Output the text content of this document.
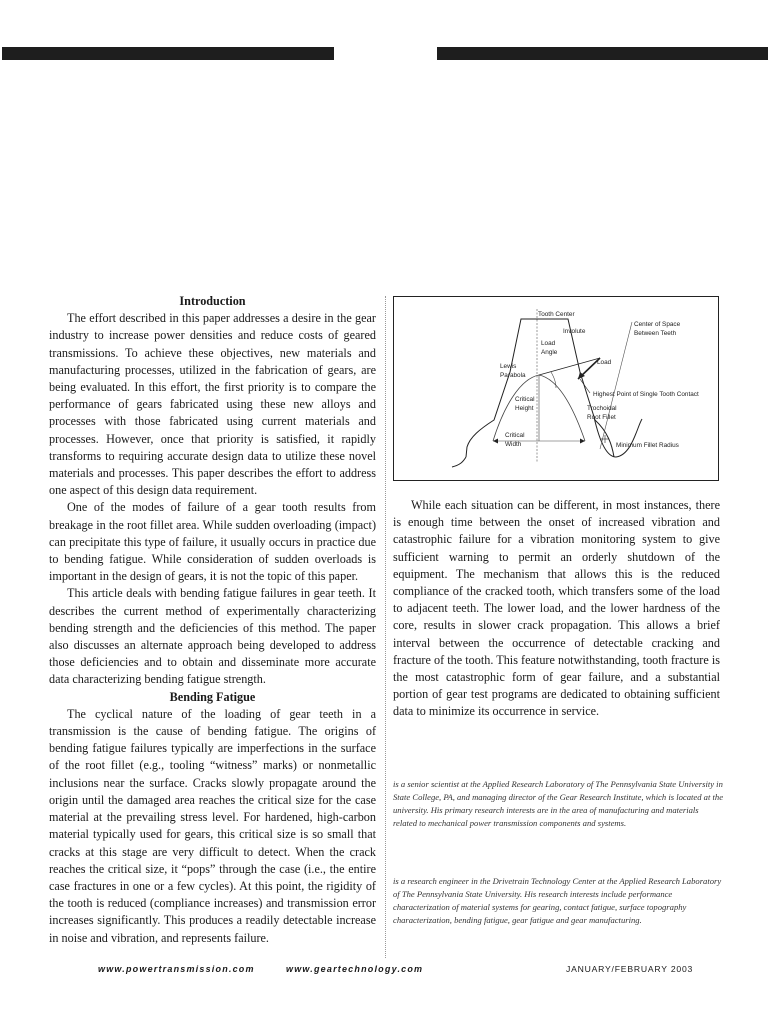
Introduction

The effort described in this paper addresses a desire in the gear industry to increase power densities and reduce costs of geared transmissions. To achieve these objectives, new materials and manufacturing processes, utilized in the fabrication of gears, are being evaluated. In this effort, the first priority is to compare the performance of gears fabricated using these new alloys and processes with those fabricated using current materials and processes. However, once that priority is satisfied, it rapidly transforms to requiring accurate design data to utilize these novel materials and processes. This paper describes the effort to address one aspect of this design data requirement.

One of the modes of failure of a gear tooth results from breakage in the root fillet area. While sudden overloading (impact) can precipitate this type of failure, it usually occurs in practice due to bending fatigue. While consideration of sudden overloads is important in the design of gears, it is not the topic of this paper.

This article deals with bending fatigue failures in gear teeth. It describes the current method of experimentally characterizing bending strength and the deficiencies of this method. The paper also discusses an alternate approach being developed to address those deficiencies and to obtain and disseminate more accurate data characterizing bending fatigue strength.

Bending Fatigue

The cyclical nature of the loading of gear teeth in a transmission is the cause of bending fatigue. The origins of bending fatigue failures typically are imperfections in the surface of the root fillet (e.g., tooling “witness” marks) or nonmetallic inclusions near the surface. Cracks slowly propagate around the origin until the damaged area reaches the critical size for the case material at the prevailing stress level. For hardened, high-carbon material typically used for gears, this critical size is so small that cracks at this stage are very difficult to detect. When the crack reaches the critical size, it “pops” through the case (i.e., the entire case fractures in one or a few cycles). At this point, the rigidity of the tooth is reduced (compliance increases) and transmission error increases significantly. This produces a readily detectable increase in noise and vibration, and represents failure.

Tooth Center
Involute
Center of Space
Between Teeth
Load
Angle
Load
Lewis
Parabola
Highest Point of Single Tooth Contact
Critical
Height	Trochoidal
Root Fillet
Critical
Width	Minimum Fillet Radius

While each situation can be different, in most instances, there is enough time between the onset of increased vibration and catastrophic failure for a vibration monitoring system to give sufficient warning to permit an orderly shutdown of the equipment. The mechanism that allows this is the reduced compliance of the cracked tooth, which transfers some of the load to adjacent teeth. The lower load, and the lower hardness of the core, results in slower crack propagation. This allows a brief interval between the occurrence of detectable cracking and fracture of the tooth. This feature notwithstanding, tooth fracture is the most catastrophic form of gear failure, and a substantial portion of gear test programs are dedicated to obtaining sufficient data to minimize its occurrence in service.

is a senior scientist at the Applied Research Laboratory of The Pennsylvania State University in State College, PA, and managing director of the Gear Research Institute, which is located at the university. His primary research interests are in the area of manufacturing and materials related to mechanical power transmission components and systems.
is a research engineer in the Drivetrain Technology Center at the Applied Research Laboratory of The Pennsylvania State University. His research interests include performance characterization of material systems for gearing, contact fatigue, surface topography characterization, bending fatigue, gear fatigue and gear manufacturing.
www.powertransmission.com	www.geartechnology.com	JANUARY/FEBRUARY 2003
